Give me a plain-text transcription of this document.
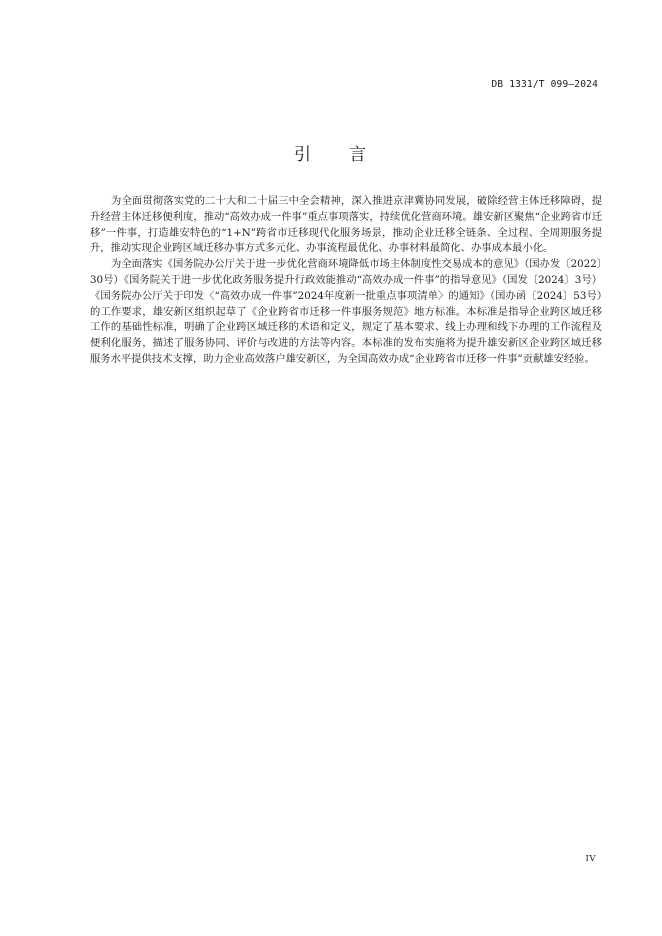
DB 1331/T 099—2024
引 言

为全面贯彻落实党的二十大和二十届三中全会精神，深入推进京津冀协同发展，破除经营主体迁移障碍，提升经营主体迁移便利度，推动“高效办成一件事”重点事项落实，持续优化营商环境。雄安新区聚焦“企业跨省市迁移”一件事，打造雄安特色的“1+N”跨省市迁移现代化服务场景，推动企业迁移全链条、全过程、全周期服务提升，推动实现企业跨区域迁移办事方式多元化、办事流程最优化、办事材料最简化、办事成本最小化。

为全面落实《国务院办公厅关于进一步优化营商环境降低市场主体制度性交易成本的意见》（国办发〔2022〕30号）《国务院关于进一步优化政务服务提升行政效能推动“高效办成一件事”的指导意见》（国发〔2024〕3号）《国务院办公厅关于印发〈“高效办成一件事”2024年度新一批重点事项清单〉的通知》（国办函〔2024〕53号）的工作要求，雄安新区组织起草了《企业跨省市迁移一件事服务规范》地方标准。本标准是指导企业跨区域迁移工作的基础性标准，明确了企业跨区域迁移的术语和定义，规定了基本要求、线上办理和线下办理的工作流程及便利化服务，描述了服务协同、评价与改进的方法等内容。本标准的发布实施将为提升雄安新区企业跨区域迁移服务水平提供技术支撑，助力企业高效落户雄安新区，为全国高效办成“企业跨省市迁移一件事”贡献雄安经验。

IV
